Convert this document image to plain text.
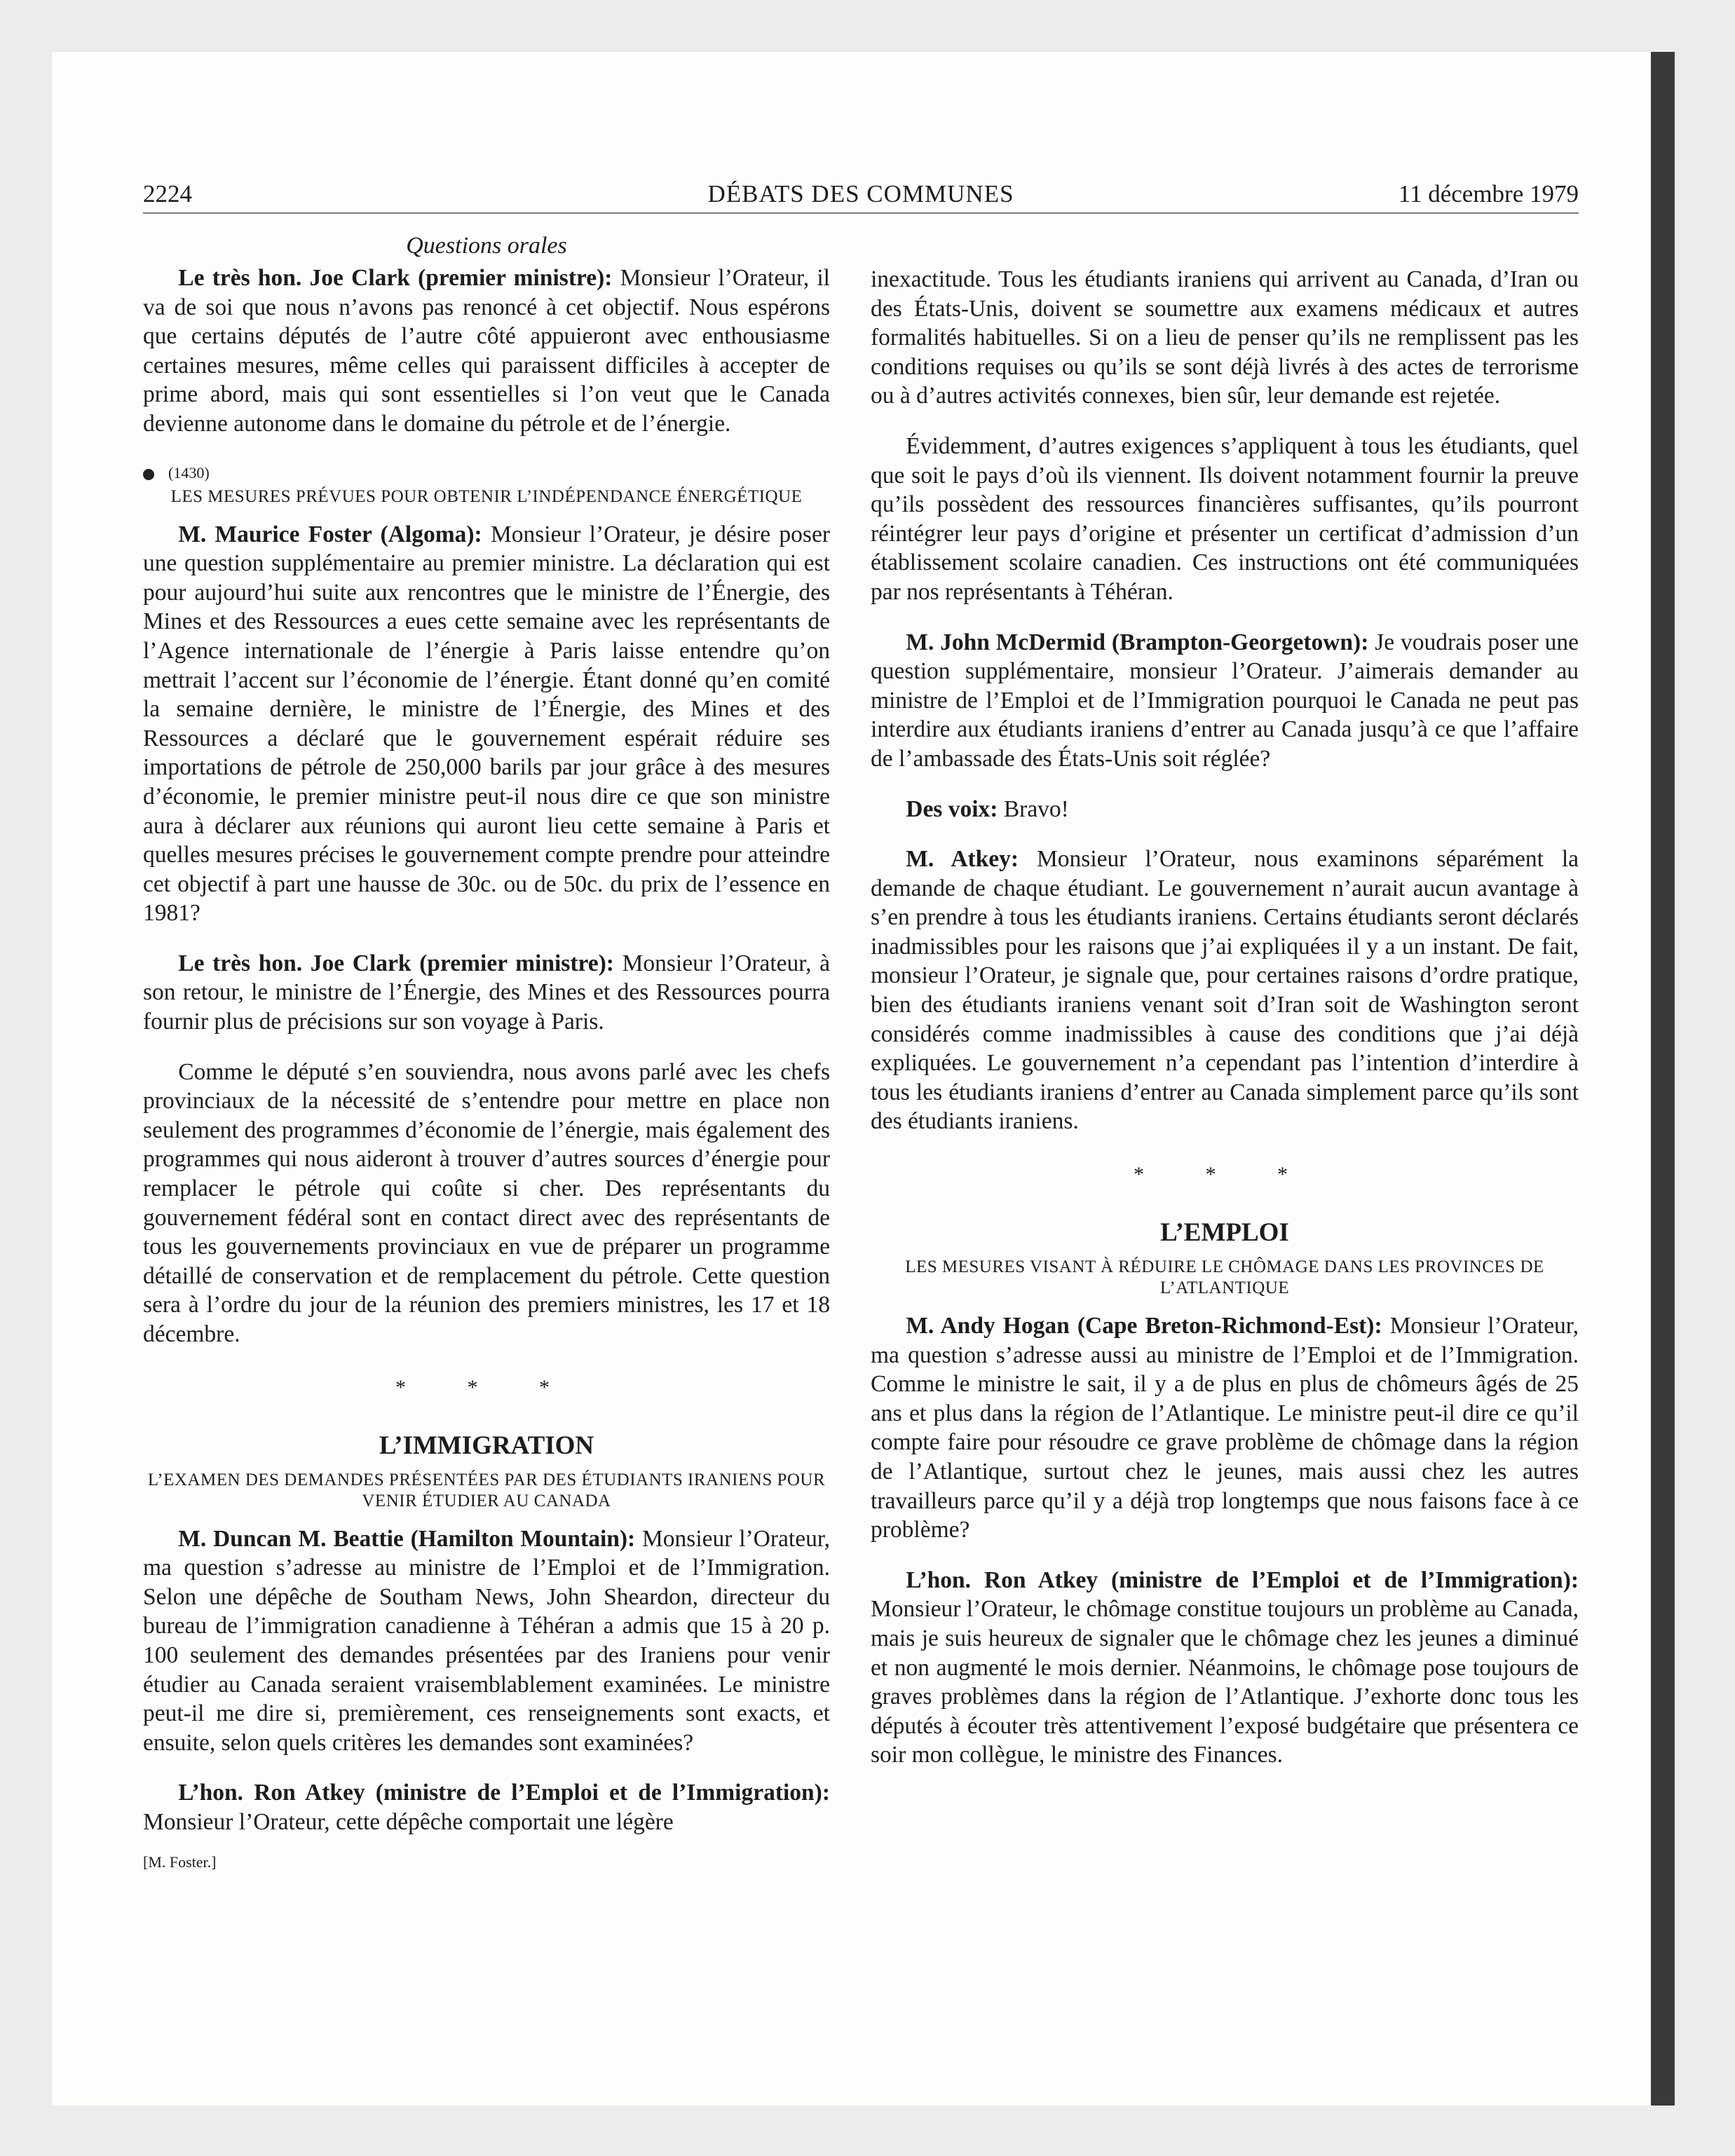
2224	DÉBATS DES COMMUNES	11 décembre 1979

Questions orales

Le très hon. Joe Clark (premier ministre): Monsieur l’Orateur, il va de soi que nous n’avons pas renoncé à cet objectif. Nous espérons que certains députés de l’autre côté appuieront avec enthousiasme certaines mesures, même celles qui paraissent difficiles à accepter de prime abord, mais qui sont essentielles si l’on veut que le Canada devienne autonome dans le domaine du pétrole et de l’énergie.

(1430)

LES MESURES PRÉVUES POUR OBTENIR L’INDÉPENDANCE ÉNERGÉTIQUE

M. Maurice Foster (Algoma): Monsieur l’Orateur, je désire poser une question supplémentaire au premier ministre. La déclaration qui est pour aujourd’hui suite aux rencontres que le ministre de l’Énergie, des Mines et des Ressources a eues cette semaine avec les représentants de l’Agence internationale de l’énergie à Paris laisse entendre qu’on mettrait l’accent sur l’économie de l’énergie. Étant donné qu’en comité la semaine dernière, le ministre de l’Énergie, des Mines et des Ressources a déclaré que le gouvernement espérait réduire ses importations de pétrole de 250,000 barils par jour grâce à des mesures d’économie, le premier ministre peut-il nous dire ce que son ministre aura à déclarer aux réunions qui auront lieu cette semaine à Paris et quelles mesures précises le gouvernement compte prendre pour atteindre cet objectif à part une hausse de 30c. ou de 50c. du prix de l’essence en 1981?

Le très hon. Joe Clark (premier ministre): Monsieur l’Orateur, à son retour, le ministre de l’Énergie, des Mines et des Ressources pourra fournir plus de précisions sur son voyage à Paris.

Comme le député s’en souviendra, nous avons parlé avec les chefs provinciaux de la nécessité de s’entendre pour mettre en place non seulement des programmes d’économie de l’énergie, mais également des programmes qui nous aideront à trouver d’autres sources d’énergie pour remplacer le pétrole qui coûte si cher. Des représentants du gouvernement fédéral sont en contact direct avec des représentants de tous les gouvernements provinciaux en vue de préparer un programme détaillé de conservation et de remplacement du pétrole. Cette question sera à l’ordre du jour de la réunion des premiers ministres, les 17 et 18 décembre.

* * *

L’IMMIGRATION

L’EXAMEN DES DEMANDES PRÉSENTÉES PAR DES ÉTUDIANTS IRANIENS POUR VENIR ÉTUDIER AU CANADA

M. Duncan M. Beattie (Hamilton Mountain): Monsieur l’Orateur, ma question s’adresse au ministre de l’Emploi et de l’Immigration. Selon une dépêche de Southam News, John Sheardon, directeur du bureau de l’immigration canadienne à Téhéran a admis que 15 à 20 p. 100 seulement des demandes présentées par des Iraniens pour venir étudier au Canada seraient vraisemblablement examinées. Le ministre peut-il me dire si, premièrement, ces renseignements sont exacts, et ensuite, selon quels critères les demandes sont examinées?

L’hon. Ron Atkey (ministre de l’Emploi et de l’Immigration): Monsieur l’Orateur, cette dépêche comportait une légère

[M. Foster.]

inexactitude. Tous les étudiants iraniens qui arrivent au Canada, d’Iran ou des États-Unis, doivent se soumettre aux examens médicaux et autres formalités habituelles. Si on a lieu de penser qu’ils ne remplissent pas les conditions requises ou qu’ils se sont déjà livrés à des actes de terrorisme ou à d’autres activités connexes, bien sûr, leur demande est rejetée.

Évidemment, d’autres exigences s’appliquent à tous les étudiants, quel que soit le pays d’où ils viennent. Ils doivent notamment fournir la preuve qu’ils possèdent des ressources financières suffisantes, qu’ils pourront réintégrer leur pays d’origine et présenter un certificat d’admission d’un établissement scolaire canadien. Ces instructions ont été communiquées par nos représentants à Téhéran.

M. John McDermid (Brampton-Georgetown): Je voudrais poser une question supplémentaire, monsieur l’Orateur. J’aimerais demander au ministre de l’Emploi et de l’Immigration pourquoi le Canada ne peut pas interdire aux étudiants iraniens d’entrer au Canada jusqu’à ce que l’affaire de l’ambassade des États-Unis soit réglée?

Des voix: Bravo!

M. Atkey: Monsieur l’Orateur, nous examinons séparément la demande de chaque étudiant. Le gouvernement n’aurait aucun avantage à s’en prendre à tous les étudiants iraniens. Certains étudiants seront déclarés inadmissibles pour les raisons que j’ai expliquées il y a un instant. De fait, monsieur l’Orateur, je signale que, pour certaines raisons d’ordre pratique, bien des étudiants iraniens venant soit d’Iran soit de Washington seront considérés comme inadmissibles à cause des conditions que j’ai déjà expliquées. Le gouvernement n’a cependant pas l’intention d’interdire à tous les étudiants iraniens d’entrer au Canada simplement parce qu’ils sont des étudiants iraniens.

* * *

L’EMPLOI

LES MESURES VISANT À RÉDUIRE LE CHÔMAGE DANS LES PROVINCES DE L’ATLANTIQUE

M. Andy Hogan (Cape Breton-Richmond-Est): Monsieur l’Orateur, ma question s’adresse aussi au ministre de l’Emploi et de l’Immigration. Comme le ministre le sait, il y a de plus en plus de chômeurs âgés de 25 ans et plus dans la région de l’Atlantique. Le ministre peut-il dire ce qu’il compte faire pour résoudre ce grave problème de chômage dans la région de l’Atlantique, surtout chez le jeunes, mais aussi chez les autres travailleurs parce qu’il y a déjà trop longtemps que nous faisons face à ce problème?

L’hon. Ron Atkey (ministre de l’Emploi et de l’Immigration): Monsieur l’Orateur, le chômage constitue toujours un problème au Canada, mais je suis heureux de signaler que le chômage chez les jeunes a diminué et non augmenté le mois dernier. Néanmoins, le chômage pose toujours de graves problèmes dans la région de l’Atlantique. J’exhorte donc tous les députés à écouter très attentivement l’exposé budgétaire que présentera ce soir mon collègue, le ministre des Finances.
